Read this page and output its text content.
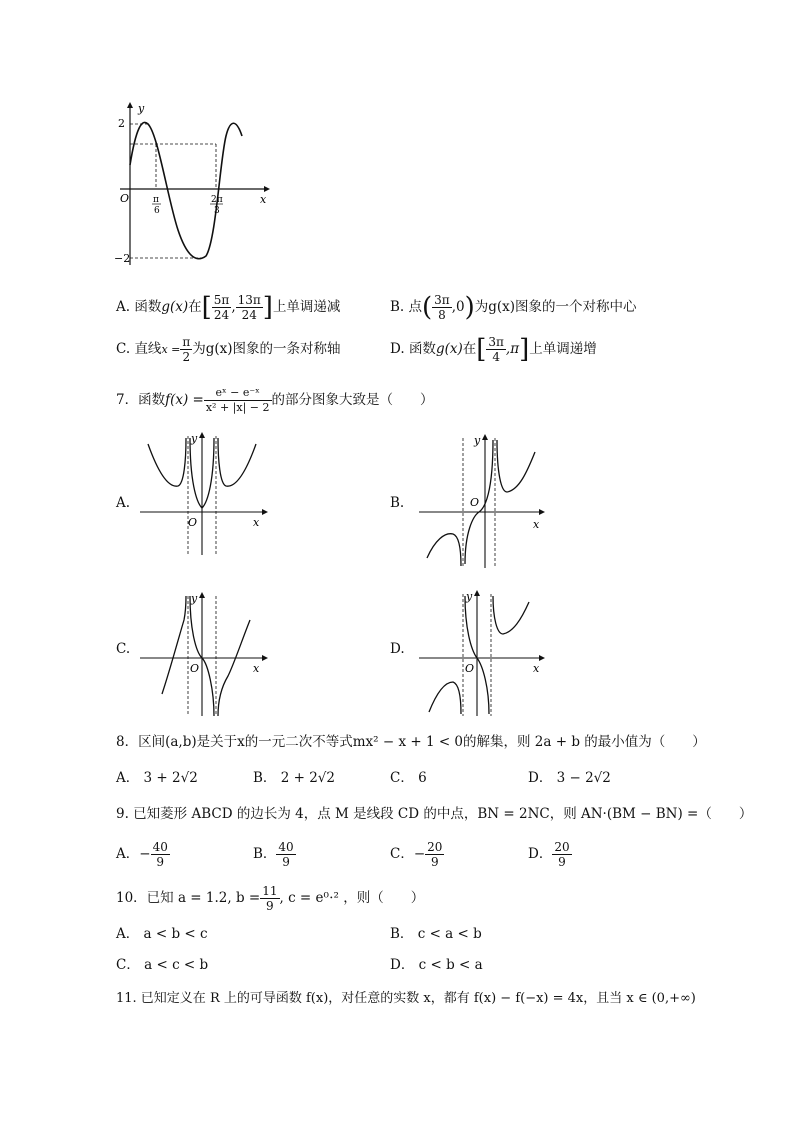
y
x
O
2
−2
π
6
2π
3
A. 函数g(x)在[ $\frac{5\pi}{24}$ , $\frac{13\pi}{24}$ ]上单调递减	B. 点( $\frac{3\pi}{8} ,0$)为g(x)图象的一个对称中心
C. 直线$x = \frac{\pi}{2}$ 为g(x)图象的一条对称轴	D. 函数g(x)在[ $\frac{3\pi}{4} ,\pi$]上单调递增
7．函数$f(x) = \frac{\text{eˣ − e⁻ˣ}}{\text{x² + |x| − 2}}$ 的部分图象大致是（　　）
A.	B.
C.	D.
y
x
O
y
x
O
y
x
O
y
x
O
8．区间(a,b)是关于x的一元二次不等式mx² − x + 1 < 0的解集，则 2a + b 的最小值为（　　）
A． 3 + 2√2	B． 2 + 2√2	C． 6	D． 3 − 2√2
9. 已知菱形 ABCD 的边长为 4，点 M 是线段 CD 的中点，BN = 2NC，则 AN·(BM − BN) =（　　）
A．− $\frac{40}{9}$	B． $\frac{40}{9}$	C．− $\frac{20}{9}$	D． $\frac{20}{9}$
10．已知 a = 1.2, $b = \frac{11}{9}$ , c = e⁰⋅² ，则（　　）
A． a < b < c	B． c < a < b
C． a < c < b	D． c < b < a
11. 已知定义在 R 上的可导函数 f(x)，对任意的实数 x，都有 f(x) − f(−x) = 4x，且当 x ∈ (0,+∞)
